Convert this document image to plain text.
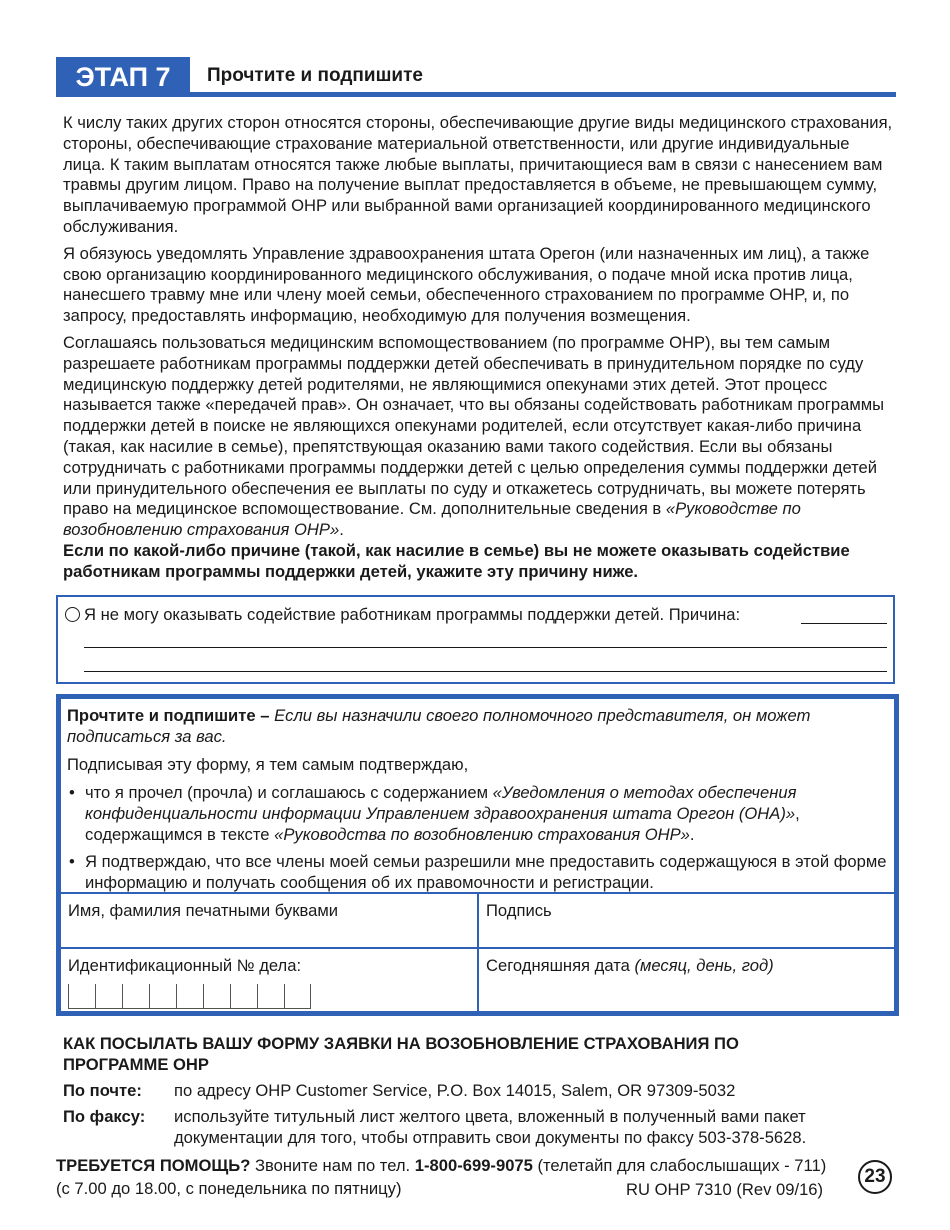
ЭТАП 7	Прочтите и подпишите

К числу таких других сторон относятся стороны, обеспечивающие другие виды медицинского страхования, стороны, обеспечивающие страхование материальной ответственности, или другие индивидуальные лица. К таким выплатам относятся также любые выплаты, причитающиеся вам в связи с нанесением вам травмы другим лицом. Право на получение выплат предоставляется в объеме, не превышающем сумму, выплачиваемую программой OHP или выбранной вами организацией координированного медицинского обслуживания.

Я обязуюсь уведомлять Управление здравоохранения штата Орегон (или назначенных им лиц), а также свою организацию координированного медицинского обслуживания, о подаче мной иска против лица, нанесшего травму мне или члену моей семьи, обеспеченного страхованием по программе OHP, и, по запросу, предоставлять информацию, необходимую для получения возмещения.

Соглашаясь пользоваться медицинским вспомоществованием (по программе OHP), вы тем самым разрешаете работникам программы поддержки детей обеспечивать в принудительном порядке по суду медицинскую поддержку детей родителями, не являющимися опекунами этих детей. Этот процесс называется также «передачей прав». Он означает, что вы обязаны содействовать работникам программы поддержки детей в поиске не являющихся опекунами родителей, если отсутствует какая-либо причина (такая, как насилие в семье), препятствующая оказанию вами такого содействия. Если вы обязаны сотрудничать с работниками программы поддержки детей с целью определения суммы поддержки детей или принудительного обеспечения ее выплаты по суду и откажетесь сотрудничать, вы можете потерять право на медицинское вспомоществование. См. дополнительные сведения в «Руководстве по возобновлению страхования OHP».
Если по какой-либо причине (такой, как насилие в семье) вы не можете оказывать содействие работникам программы поддержки детей, укажите эту причину ниже.

Я не могу оказывать содействие работникам программы поддержки детей. Причина:

Прочтите и подпишите – Если вы назначили своего полномочного представителя, он может подписаться за вас.

Подписывая эту форму, я тем самым подтверждаю,

• что я прочел (прочла) и соглашаюсь с содержанием «Уведомления о методах обеспечения конфиденциальности информации Управлением здравоохранения штата Орегон (OHA)», содержащимся в тексте «Руководства по возобновлению страхования OHP».
• Я подтверждаю, что все члены моей семьи разрешили мне предоставить содержащуюся в этой форме информацию и получать сообщения об их правомочности и регистрации.
Имя, фамилия печатными буквами	Подпись
Идентификационный № дела:	Сегодняшняя дата (месяц, день, год)
КАК ПОСЫЛАТЬ ВАШУ ФОРМУ ЗАЯВКИ НА ВОЗОБНОВЛЕНИЕ СТРАХОВАНИЯ ПО ПРОГРАММЕ OHP
По почте: по адресу OHP Customer Service, P.O. Box 14015, Salem, OR 97309-5032
По факсу: используйте титульный лист желтого цвета, вложенный в полученный вами пакет документации для того, чтобы отправить свои документы по факсу 503-378-5628.
ТРЕБУЕТСЯ ПОМОЩЬ? Звоните нам по тел. 1-800-699-9075 (телетайп для слабослышащих - 711)
(с 7.00 до 18.00, с понедельника по пятницу)	RU OHP 7310 (Rev 09/16)
23
